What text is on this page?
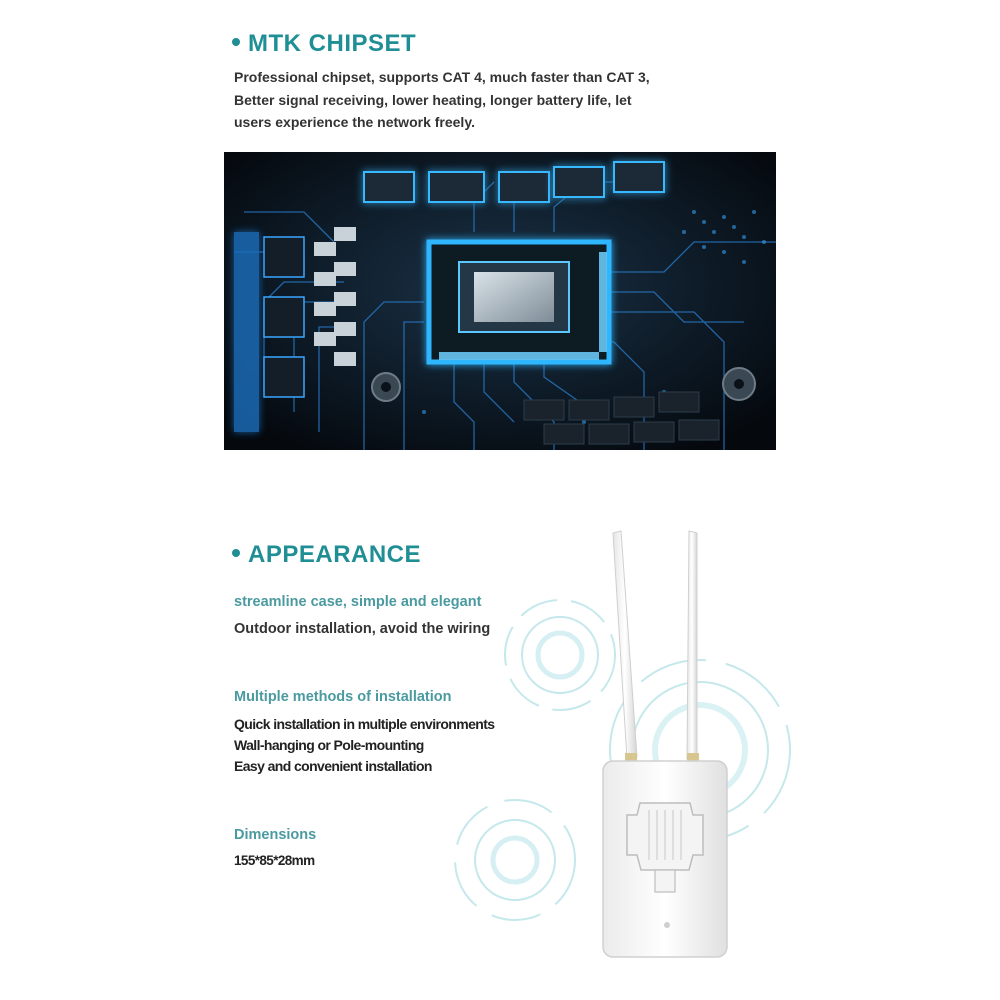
MTK CHIPSET
Professional chipset, supports CAT 4, much faster than CAT 3,
Better signal receiving, lower heating, longer battery life, let
users experience the network freely.
APPEARANCE
streamline case, simple and elegant
Outdoor installation, avoid the wiring
Multiple methods of installation
Quick installation in multiple environments
Wall-hanging or Pole-mounting
Easy and convenient installation
Dimensions
155*85*28mm
